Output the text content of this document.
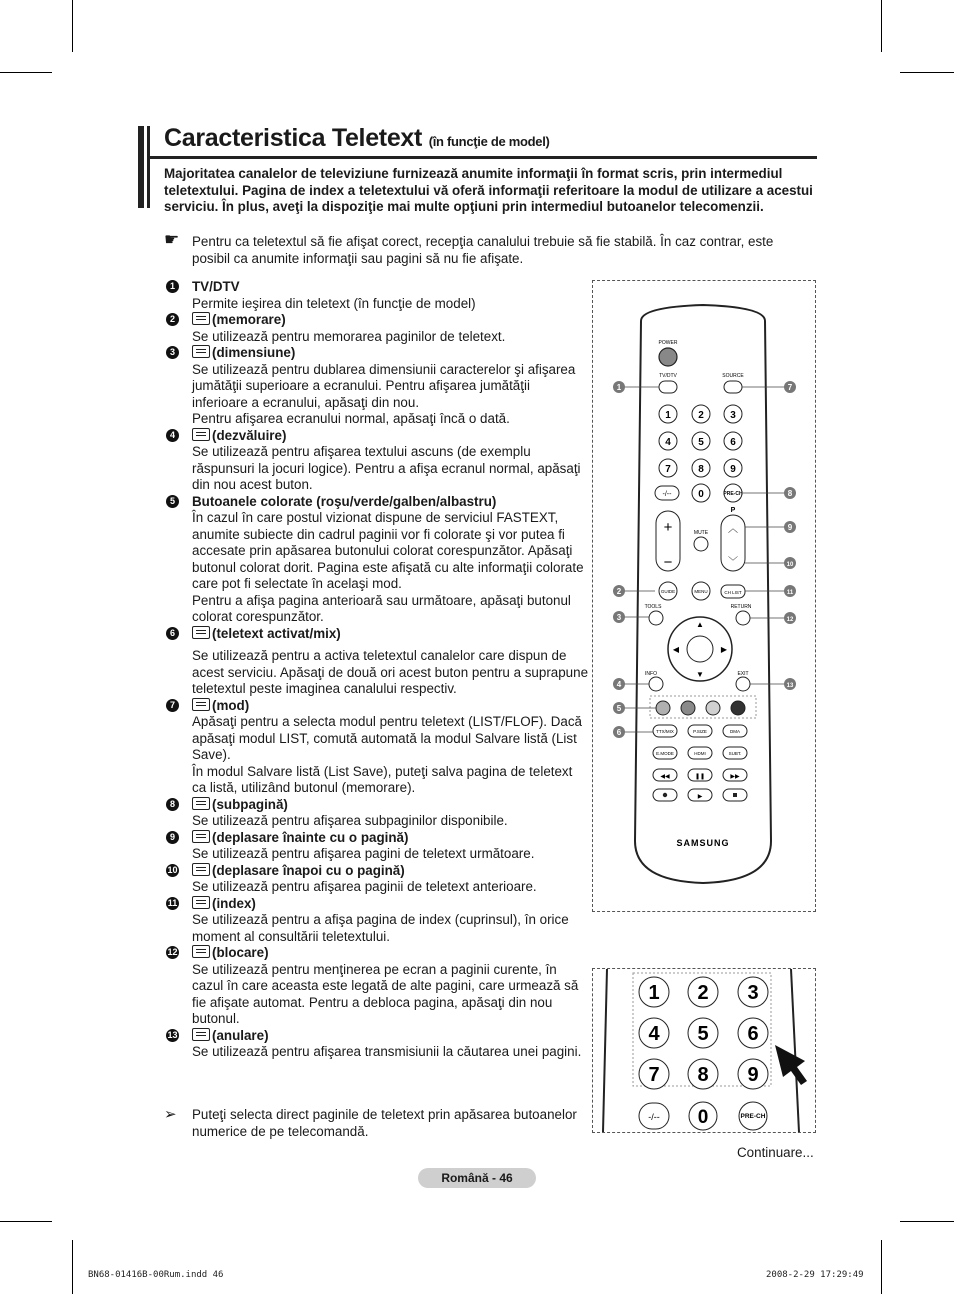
Caracteristica Teletext (în funcţie de model)
Majoritatea canalelor de televiziune furnizează anumite informaţii în format scris, prin intermediul teletextului. Pagina de index a teletextului vă oferă informaţii referitoare la modul de utilizare a acestui serviciu. În plus, aveţi la dispoziţie mai multe opţiuni prin intermediul butoanelor telecomenzii.
☛ Pentru ca teletextul să fie afişat corect, recepţia canalului trebuie să fie stabilă. În caz contrar, este posibil ca anumite informaţii sau pagini să nu fie afişate.
1 TV/DTV
Permite ieşirea din teletext (în funcţie de model)
2	(memorare)
Se utilizează pentru memorarea paginilor de teletext.
3	(dimensiune)
Se utilizează pentru dublarea dimensiunii caracterelor şi afişarea jumătăţii superioare a ecranului. Pentru afişarea jumătăţii inferioare a ecranului, apăsaţi din nou.
Pentru afişarea ecranului normal, apăsaţi încă o dată.
4	(dezvăluire)
Se utilizează pentru afişarea textului ascuns (de exemplu răspunsuri la jocuri logice). Pentru a afişa ecranul normal, apăsaţi din nou acest buton.
5 Butoanele colorate (roşu/verde/galben/albastru)
În cazul în care postul vizionat dispune de serviciul FASTEXT, anumite subiecte din cadrul paginii vor fi colorate şi vor putea fi accesate prin apăsarea butonului colorat corespunzător. Apăsaţi butonul colorat dorit. Pagina este afişată cu alte informaţii colorate care pot fi selectate în acelaşi mod.
Pentru a afişa pagina anterioară sau următoare, apăsaţi butonul colorat corespunzător.
6	(teletext activat/mix)
Se utilizează pentru a activa teletextul canalelor care dispun de acest serviciu. Apăsaţi de două ori acest buton pentru a suprapune teletextul peste imaginea canalului respectiv.
7	(mod)
Apăsaţi pentru a selecta modul pentru teletext (LIST/FLOF). Dacă apăsaţi modul LIST, comută automată la modul Salvare listă (List Save).
În modul Salvare listă (List Save), puteţi salva pagina de teletext ca listă, utilizând butonul (memorare).
8	(subpagină)
Se utilizează pentru afişarea subpaginilor disponibile.
9	(deplasare înainte cu o pagină)
Se utilizează pentru afişarea pagini de teletext următoare.
10	(deplasare înapoi cu o pagină)
Se utilizează pentru afişarea paginii de teletext anterioare.
11	(index)
Se utilizează pentru a afişa pagina de index (cuprinsul), în orice moment al consultării teletextului.
12	(blocare)
Se utilizează pentru menţinerea pe ecran a paginii curente, în cazul în care aceasta este legată de alte pagini, care urmează să fie afişate automat. Pentru a debloca pagina, apăsaţi din nou butonul.
13	(anulare)
Se utilizează pentru afişarea transmisiunii la căutarea unei pagini.
➢ Puteţi selecta direct paginile de teletext prin apăsarea butoanelor numerice de pe telecomandă.
POWER
TV/DTV	SOURCE
1	2	3
4	5	6
7	8	9
-/--	0	PRE-CH
+
−
MUTE
P
︿
﹀
GUIDE	MENU	CH LIST
TOOLS	RETURN
▲
▼
◀	▶
INFO	EXIT
TTX/MIX	P.SIZE	DMA
E.MODE	HDMI	SUBT.
◀◀	❚❚	▶▶
▶
SAMSUNG
1
2
3
4
5
6
7
8
9
10
11
12
13
1 2 3
4 5 6
7 8 9
-/-- 0	PRE-CH
Continuare...
Română - 46
BN68-01416B-00Rum.indd 46	2008-2-29 17:29:49
